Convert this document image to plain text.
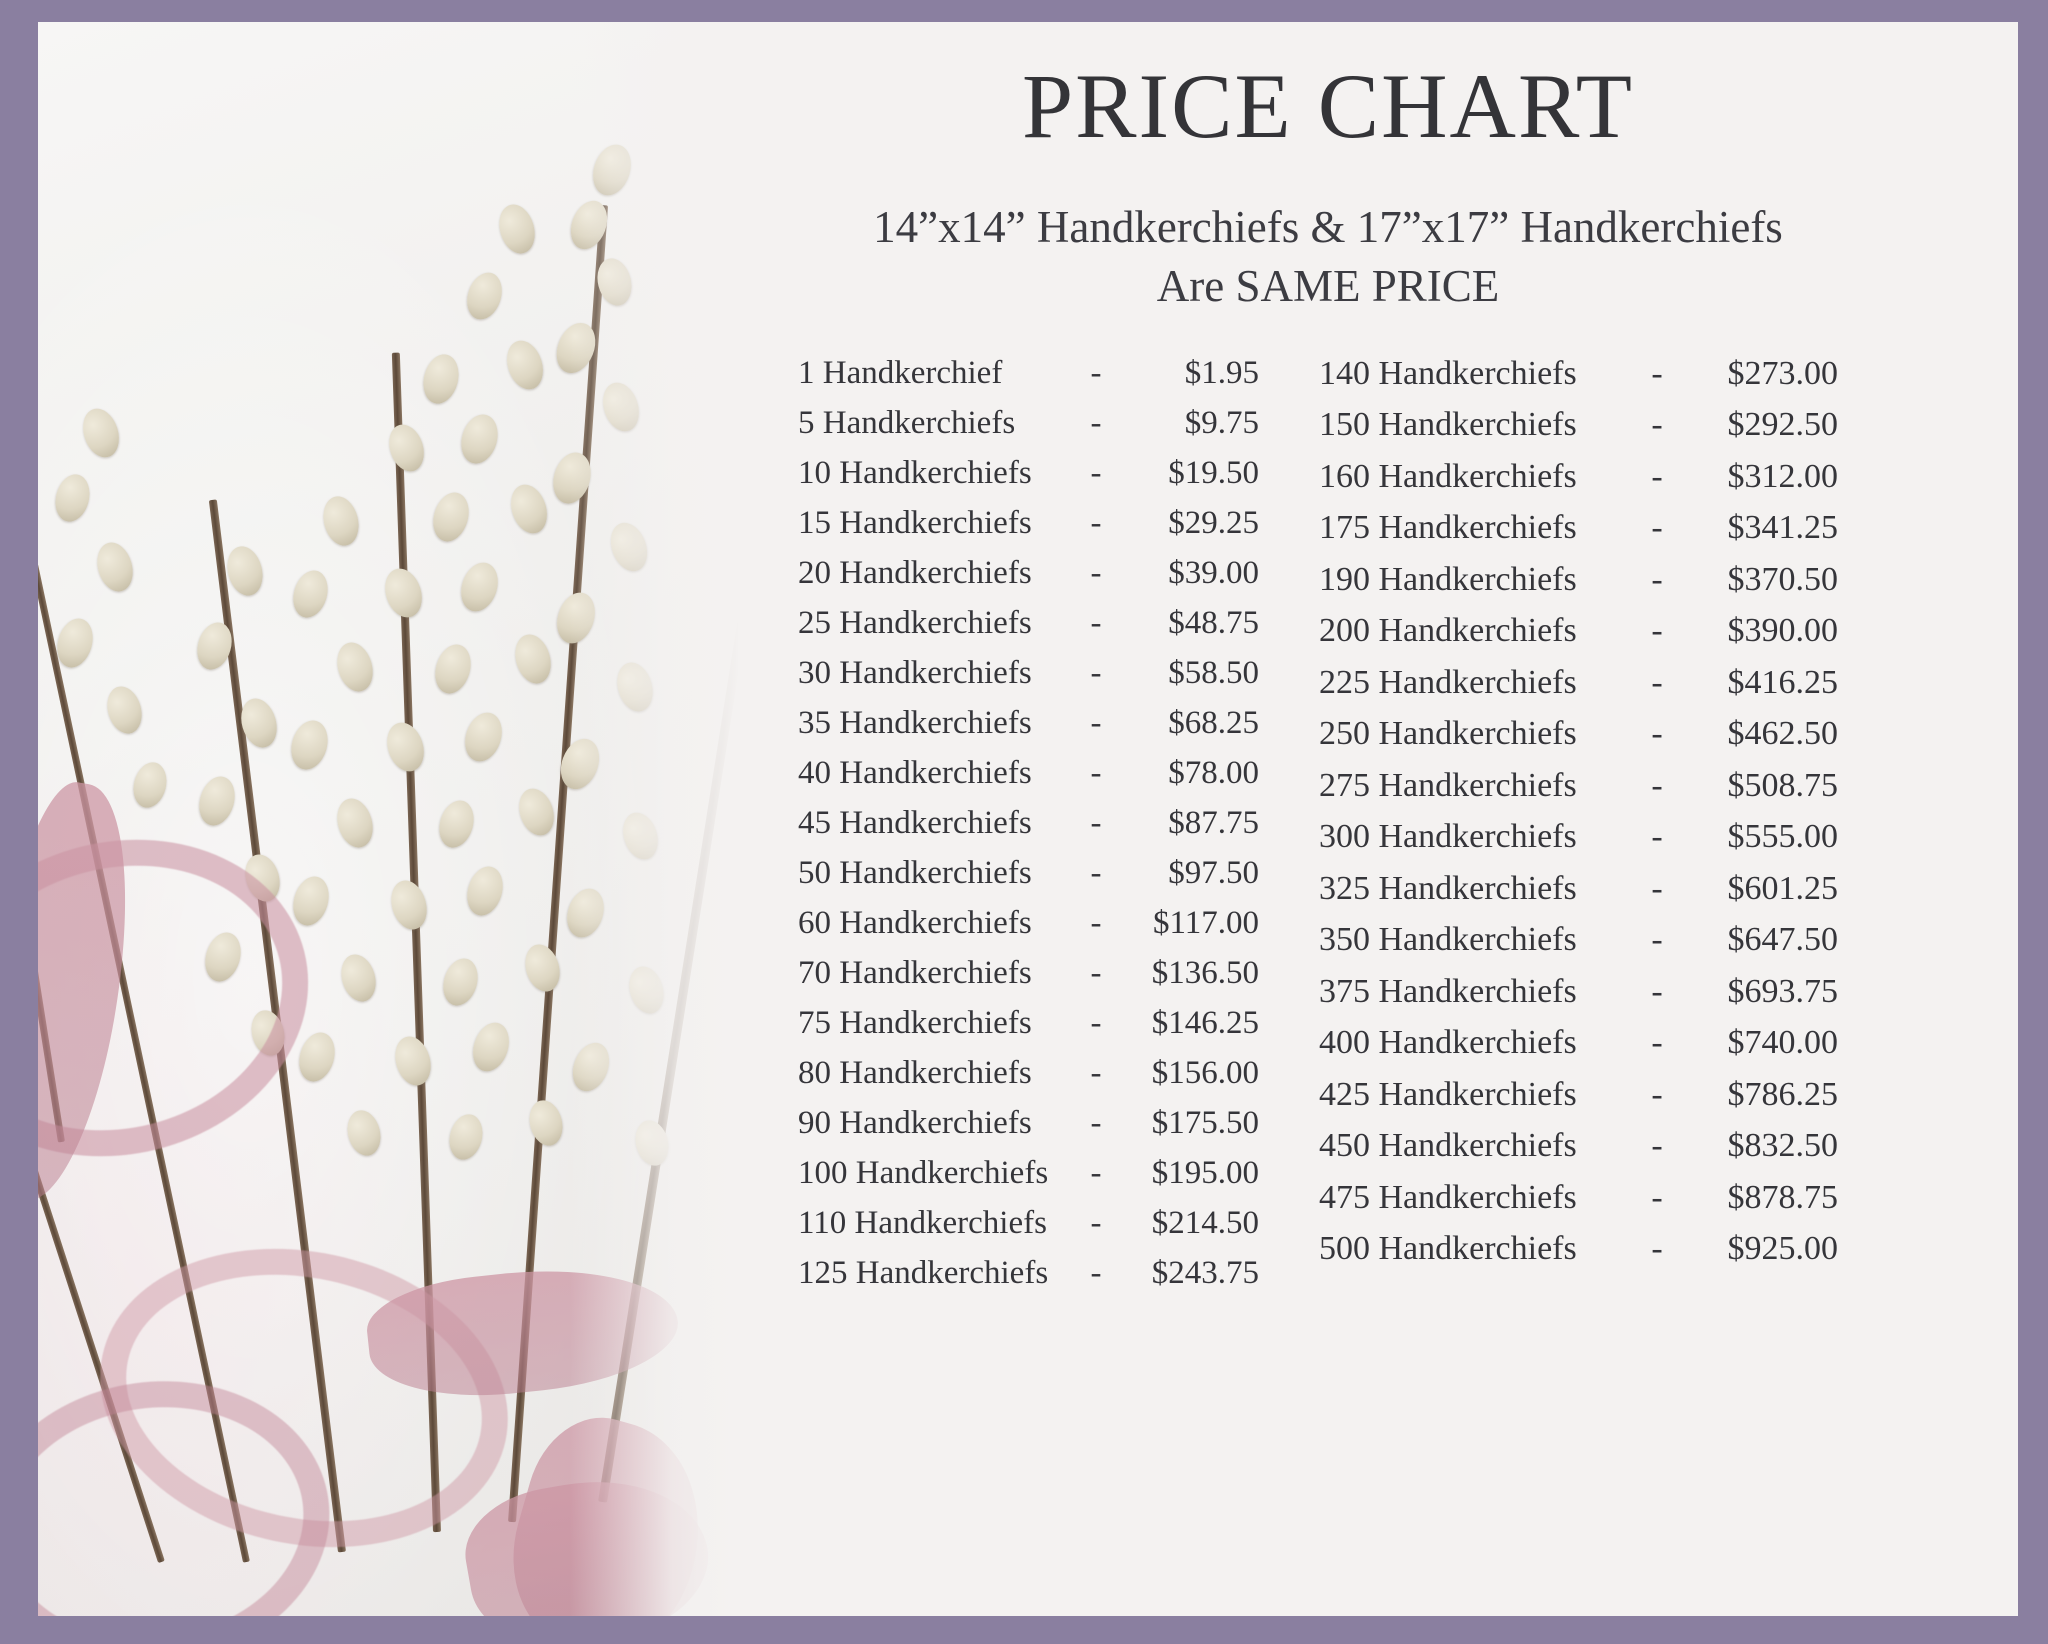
PRICE CHART
14”x14” Handkerchiefs & 17”x17” Handkerchiefs
Are SAME PRICE
1 Handkerchief	-	$1.95
5 Handkerchiefs	-	$9.75
10 Handkerchiefs	-	$19.50
15 Handkerchiefs	-	$29.25
20 Handkerchiefs	-	$39.00
25 Handkerchiefs	-	$48.75
30 Handkerchiefs	-	$58.50
35 Handkerchiefs	-	$68.25
40 Handkerchiefs	-	$78.00
45 Handkerchiefs	-	$87.75
50 Handkerchiefs	-	$97.50
60 Handkerchiefs	-	$117.00
70 Handkerchiefs	-	$136.50
75 Handkerchiefs	-	$146.25
80 Handkerchiefs	-	$156.00
90 Handkerchiefs	-	$175.50
100 Handkerchiefs	-	$195.00
110 Handkerchiefs	-	$214.50
125 Handkerchiefs	-	$243.75
140 Handkerchiefs	-	$273.00
150 Handkerchiefs	-	$292.50
160 Handkerchiefs	-	$312.00
175 Handkerchiefs	-	$341.25
190 Handkerchiefs	-	$370.50
200 Handkerchiefs	-	$390.00
225 Handkerchiefs	-	$416.25
250 Handkerchiefs	-	$462.50
275 Handkerchiefs	-	$508.75
300 Handkerchiefs	-	$555.00
325 Handkerchiefs	-	$601.25
350 Handkerchiefs	-	$647.50
375 Handkerchiefs	-	$693.75
400 Handkerchiefs	-	$740.00
425 Handkerchiefs	-	$786.25
450 Handkerchiefs	-	$832.50
475 Handkerchiefs	-	$878.75
500 Handkerchiefs	-	$925.00
